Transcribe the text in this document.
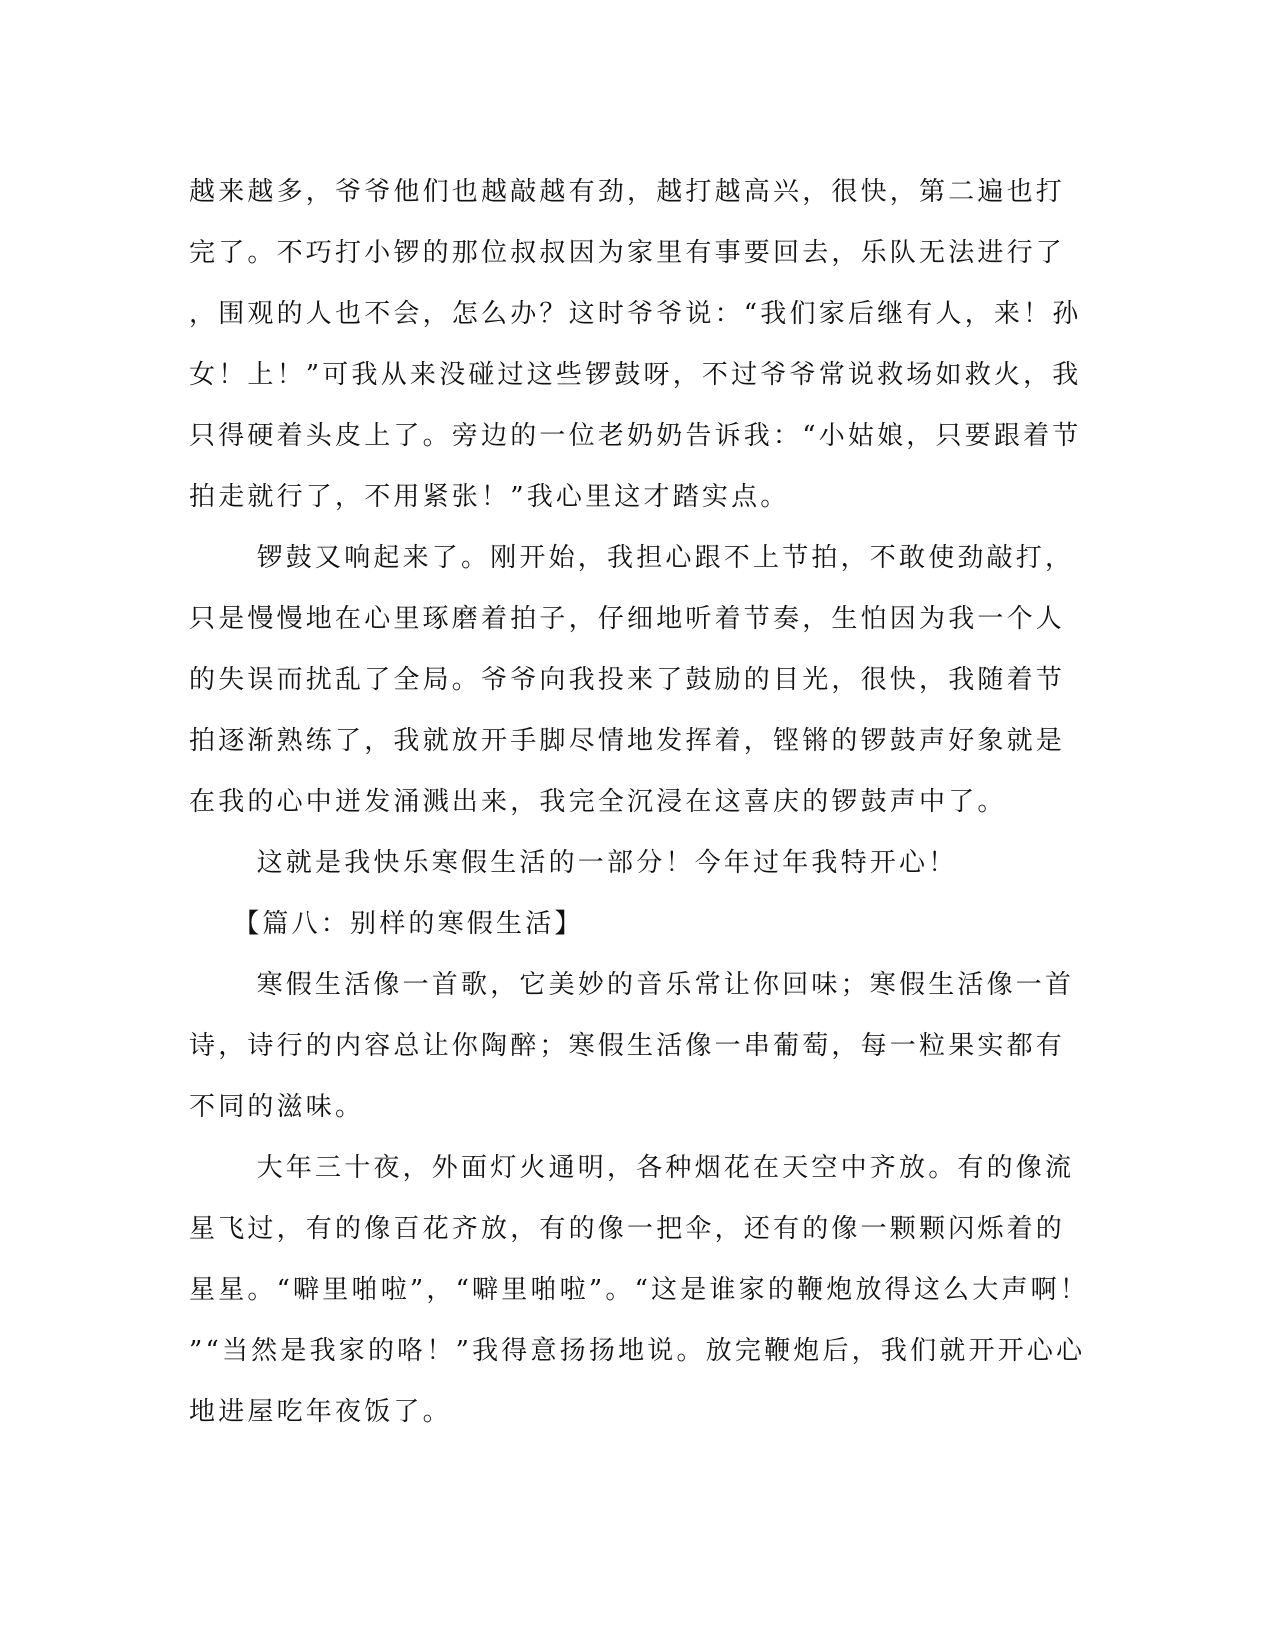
越来越多，爷爷他们也越敲越有劲，越打越高兴，很快，第二遍也打
完了。不巧打小锣的那位叔叔因为家里有事要回去，乐队无法进行了
，围观的人也不会，怎么办？这时爷爷说：“我们家后继有人，来！孙
女！上！”可我从来没碰过这些锣鼓呀，不过爷爷常说救场如救火，我
只得硬着头皮上了。旁边的一位老奶奶告诉我：“小姑娘，只要跟着节
拍走就行了，不用紧张！”我心里这才踏实点。

锣鼓又响起来了。刚开始，我担心跟不上节拍，不敢使劲敲打，
只是慢慢地在心里琢磨着拍子，仔细地听着节奏，生怕因为我一个人
的失误而扰乱了全局。爷爷向我投来了鼓励的目光，很快，我随着节
拍逐渐熟练了，我就放开手脚尽情地发挥着，铿锵的锣鼓声好象就是
在我的心中迸发涌溅出来，我完全沉浸在这喜庆的锣鼓声中了。

这就是我快乐寒假生活的一部分！今年过年我特开心！

【篇八：别样的寒假生活】

寒假生活像一首歌，它美妙的音乐常让你回味；寒假生活像一首
诗，诗行的内容总让你陶醉；寒假生活像一串葡萄，每一粒果实都有
不同的滋味。

大年三十夜，外面灯火通明，各种烟花在天空中齐放。有的像流
星飞过，有的像百花齐放，有的像一把伞，还有的像一颗颗闪烁着的
星星。“噼里啪啦”，“噼里啪啦”。“这是谁家的鞭炮放得这么大声啊！
”“当然是我家的咯！”我得意扬扬地说。放完鞭炮后，我们就开开心心
地进屋吃年夜饭了。
